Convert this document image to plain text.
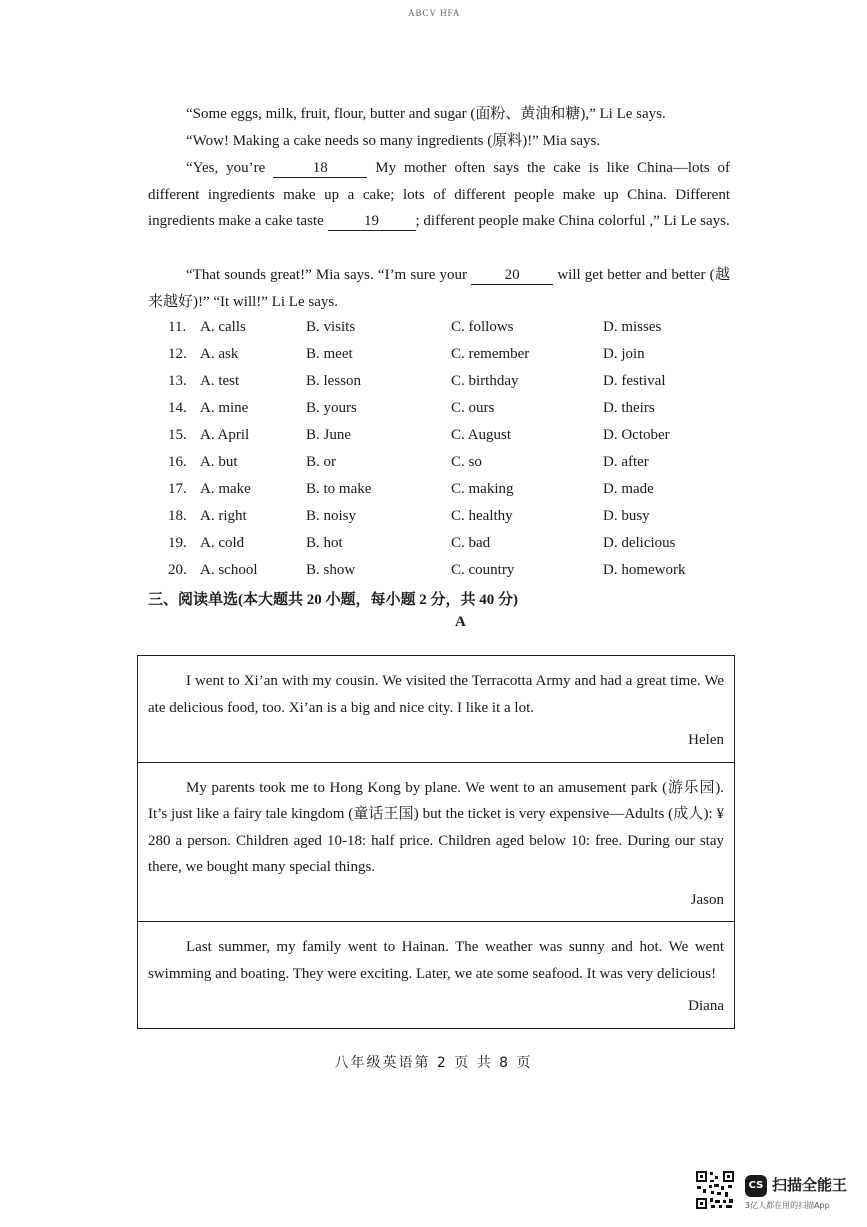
ABCV HFA
“Some eggs, milk, fruit, flour, butter and sugar (面粉、黄油和糖),” Li Le says.
“Wow! Making a cake needs so many ingredients (原料)!” Mia says.
“Yes, you’re	18	My mother often says the cake is like China—lots of different ingredients make up a cake; lots of different people make up China. Different ingredients make a cake taste	19 ; different people make China colorful ,” Li Le says.
“That sounds great!” Mia says. “I’m sure your	20	will get better and better (越来越好)!” “It will!” Li Le says.
11. A. calls	B. visits	C. follows	D. misses
12. A. ask	B. meet	C. remember	D. join
13. A. test	B. lesson	C. birthday	D. festival
14. A. mine	B. yours	C. ours	D. theirs
15. A. April	B. June	C. August	D. October
16. A. but	B. or	C. so	D. after
17. A. make	B. to make	C. making	D. made
18. A. right	B. noisy	C. healthy	D. busy
19. A. cold	B. hot	C. bad	D. delicious
20. A. school	B. show	C. country	D. homework
三、阅读单选(本大题共 20 小题，每小题 2 分，共 40 分)
A

I went to Xi’an with my cousin. We visited the Terracotta Army and had a great time. We ate delicious food, too. Xi’an is a big and nice city. I like it a lot.

Helen

My parents took me to Hong Kong by plane. We went to an amusement park (游乐园). It’s just like a fairy tale kingdom (童话王国) but the ticket is very expensive—Adults (成人): ¥ 280 a person. Children aged 10-18: half price. Children aged below 10: free. During our stay there, we bought many special things.

Jason

Last summer, my family went to Hainan. The weather was sunny and hot. We went swimming and boating. They were exciting. Later, we ate some seafood. It was very delicious!

Diana
八年级英语第 2 页 共 8 页
CS 扫描全能王
3亿人都在用的扫描App
